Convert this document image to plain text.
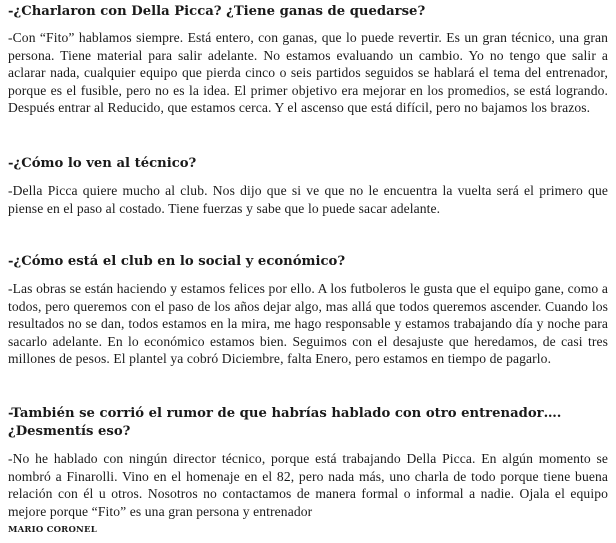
-¿Charlaron con Della Picca? ¿Tiene ganas de quedarse?

-Con “Fito” hablamos siempre. Está entero, con ganas, que lo puede revertir. Es un gran técnico, una gran persona. Tiene material para salir adelante. No estamos evaluando un cambio. Yo no tengo que salir a aclarar nada, cualquier equipo que pierda cinco o seis partidos seguidos se hablará el tema del entrenador, porque es el fusible, pero no es la idea. El primer objetivo era mejorar en los promedios, se está logrando. Después entrar al Reducido, que estamos cerca. Y el ascenso que está difícil, pero no bajamos los brazos.

-¿Cómo lo ven al técnico?

-Della Picca quiere mucho al club. Nos dijo que si ve que no le encuentra la vuelta será el primero que piense en el paso al costado. Tiene fuerzas y sabe que lo puede sacar adelante.

-¿Cómo está el club en lo social y económico?

-Las obras se están haciendo y estamos felices por ello. A los futboleros le gusta que el equipo gane, como a todos, pero queremos con el paso de los años dejar algo, mas allá que todos queremos ascender. Cuando los resultados no se dan, todos estamos en la mira, me hago responsable y estamos trabajando día y noche para sacarlo adelante. En lo económico estamos bien. Seguimos con el desajuste que heredamos, de casi tres millones de pesos. El plantel ya cobró Diciembre, falta Enero, pero estamos en tiempo de pagarlo.

-También se corrió el rumor de que habrías hablado con otro entrenador…. ¿Desmentís eso?

-No he hablado con ningún director técnico, porque está trabajando Della Picca. En algún momento se nombró a Finarolli. Vino en el homenaje en el 82, pero nada más, uno charla de todo porque tiene buena relación con él u otros. Nosotros no contactamos de manera formal o informal a nadie. Ojala el equipo mejore porque “Fito” es una gran persona y entrenador

MARIO CORONEL
